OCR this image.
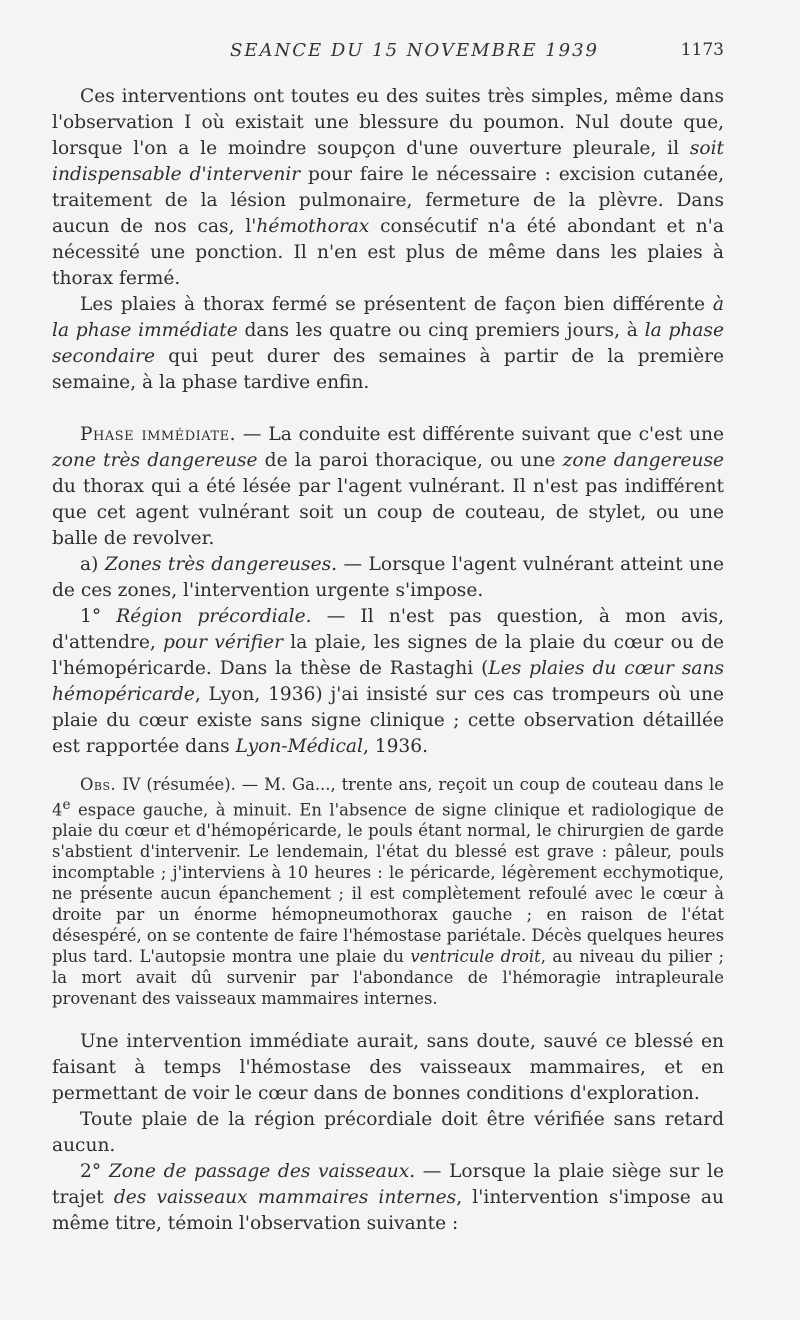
SEANCE DU 15 NOVEMBRE 1939	1173

Ces interventions ont toutes eu des suites très simples, même dans l'observation I où existait une blessure du poumon. Nul doute que, lorsque l'on a le moindre soupçon d'une ouverture pleurale, il soit indispensable d'intervenir pour faire le nécessaire : excision cutanée, traitement de la lésion pulmonaire, fermeture de la plèvre. Dans aucun de nos cas, l'hémothorax consécutif n'a été abondant et n'a nécessité une ponction. Il n'en est plus de même dans les plaies à thorax fermé.

Les plaies à thorax fermé se présentent de façon bien différente à la phase immédiate dans les quatre ou cinq premiers jours, à la phase secondaire qui peut durer des semaines à partir de la première semaine, à la phase tardive enfin.

Phase immédiate. — La conduite est différente suivant que c'est une zone très dangereuse de la paroi thoracique, ou une zone dangereuse du thorax qui a été lésée par l'agent vulnérant. Il n'est pas indifférent que cet agent vulnérant soit un coup de couteau, de stylet, ou une balle de revolver.

a) Zones très dangereuses. — Lorsque l'agent vulnérant atteint une de ces zones, l'intervention urgente s'impose.

1° Région précordiale. — Il n'est pas question, à mon avis, d'attendre, pour vérifier la plaie, les signes de la plaie du cœur ou de l'hémopéricarde. Dans la thèse de Rastaghi (Les plaies du cœur sans hémopéricarde, Lyon, 1936) j'ai insisté sur ces cas trompeurs où une plaie du cœur existe sans signe clinique ; cette observation détaillée est rapportée dans Lyon-Médical, 1936.

Obs. IV (résumée). — M. Ga..., trente ans, reçoit un coup de couteau dans le 4e espace gauche, à minuit. En l'absence de signe clinique et radiologique de plaie du cœur et d'hémopéricarde, le pouls étant normal, le chirurgien de garde s'abstient d'intervenir. Le lendemain, l'état du blessé est grave : pâleur, pouls incomptable ; j'interviens à 10 heures : le péricarde, légèrement ecchymotique, ne présente aucun épanchement ; il est complètement refoulé avec le cœur à droite par un énorme hémopneumothorax gauche ; en raison de l'état désespéré, on se contente de faire l'hémostase pariétale. Décès quelques heures plus tard. L'autopsie montra une plaie du ventricule droit, au niveau du pilier ; la mort avait dû survenir par l'abondance de l'hémoragie intrapleurale provenant des vaisseaux mammaires internes.

Une intervention immédiate aurait, sans doute, sauvé ce blessé en faisant à temps l'hémostase des vaisseaux mammaires, et en permettant de voir le cœur dans de bonnes conditions d'exploration.

Toute plaie de la région précordiale doit être vérifiée sans retard aucun.

2° Zone de passage des vaisseaux. — Lorsque la plaie siège sur le trajet des vaisseaux mammaires internes, l'intervention s'impose au même titre, témoin l'observation suivante :
